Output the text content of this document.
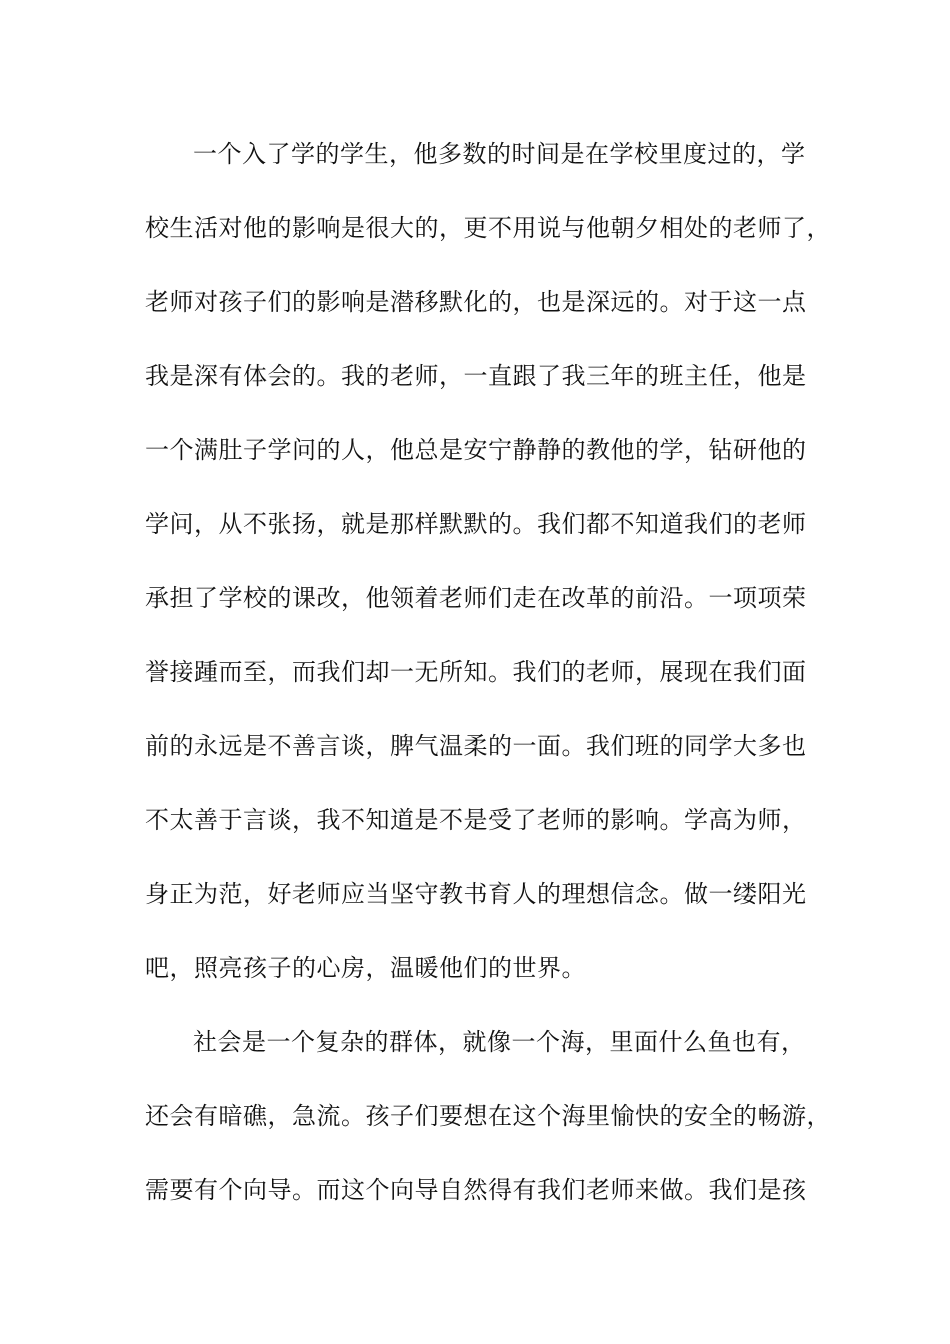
一个入了学的学生，他多数的时间是在学校里度过的，学
校生活对他的影响是很大的，更不用说与他朝夕相处的老师了，
老师对孩子们的影响是潜移默化的，也是深远的。对于这一点
我是深有体会的。我的老师，一直跟了我三年的班主任，他是
一个满肚子学问的人，他总是安宁静静的教他的学，钻研他的
学问，从不张扬，就是那样默默的。我们都不知道我们的老师
承担了学校的课改，他领着老师们走在改革的前沿。一项项荣
誉接踵而至，而我们却一无所知。我们的老师，展现在我们面
前的永远是不善言谈，脾气温柔的一面。我们班的同学大多也
不太善于言谈，我不知道是不是受了老师的影响。学高为师，
身正为范，好老师应当坚守教书育人的理想信念。做一缕阳光
吧，照亮孩子的心房，温暖他们的世界。
社会是一个复杂的群体，就像一个海，里面什么鱼也有，
还会有暗礁，急流。孩子们要想在这个海里愉快的安全的畅游，
需要有个向导。而这个向导自然得有我们老师来做。我们是孩
